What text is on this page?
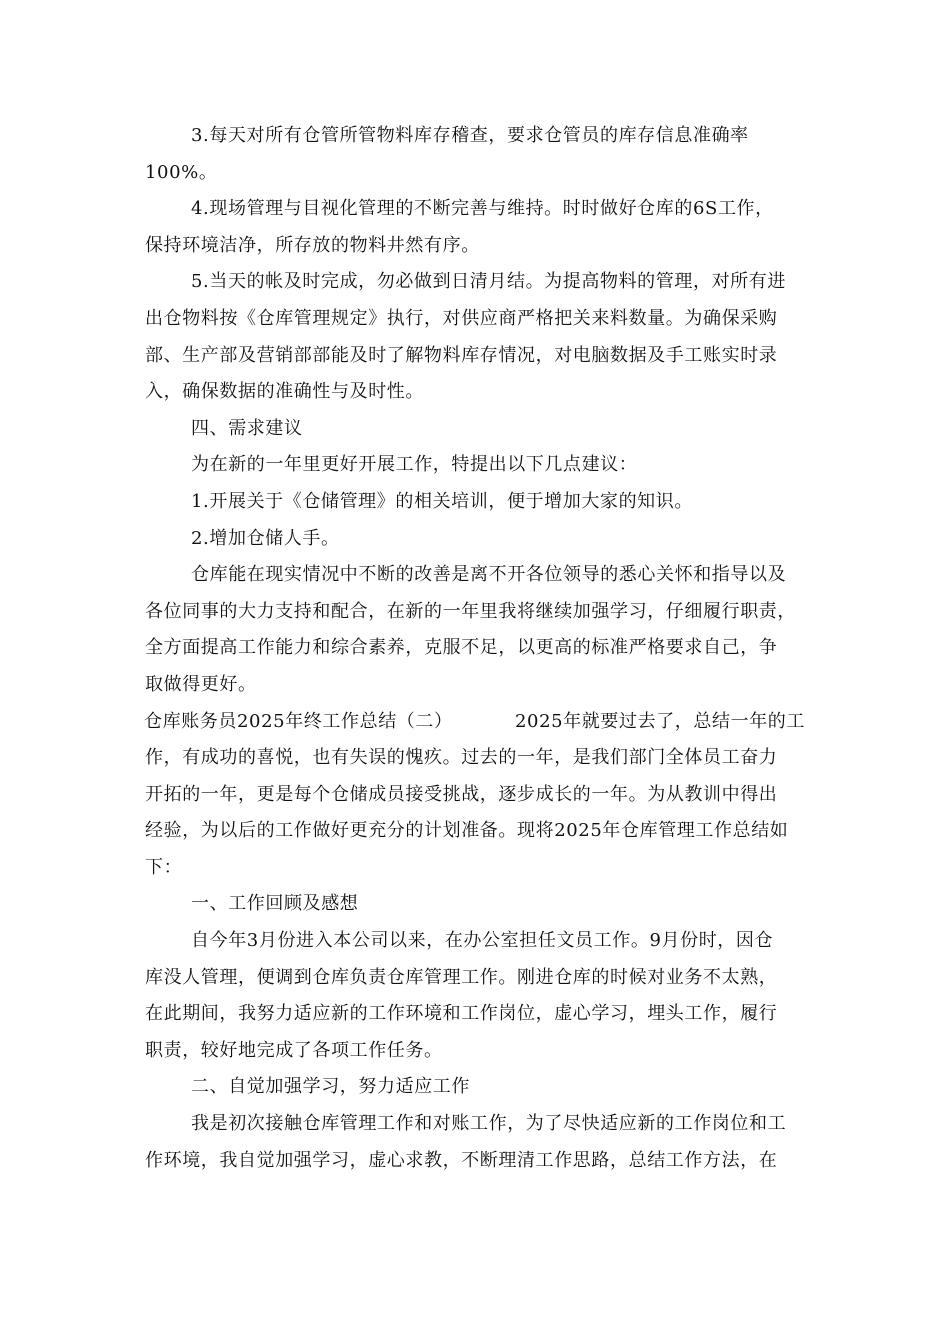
3.每天对所有仓管所管物料库存稽查，要求仓管员的库存信息准确率
100%。
4.现场管理与目视化管理的不断完善与维持。时时做好仓库的6S工作，
保持环境洁净，所存放的物料井然有序。
5.当天的帐及时完成，勿必做到日清月结。为提高物料的管理，对所有进
出仓物料按《仓库管理规定》执行，对供应商严格把关来料数量。为确保采购
部、生产部及营销部部能及时了解物料库存情况，对电脑数据及手工账实时录
入，确保数据的准确性与及时性。
四、需求建议
为在新的一年里更好开展工作，特提出以下几点建议：
1.开展关于《仓储管理》的相关培训，便于增加大家的知识。
2.增加仓储人手。
仓库能在现实情况中不断的改善是离不开各位领导的悉心关怀和指导以及
各位同事的大力支持和配合，在新的一年里我将继续加强学习，仔细履行职责，
全方面提高工作能力和综合素养，克服不足，以更高的标准严格要求自己，争
取做得更好。
仓库账务员2025年终工作总结（二）	2025年就要过去了，总结一年的工
作，有成功的喜悦，也有失误的愧疚。过去的一年，是我们部门全体员工奋力
开拓的一年，更是每个仓储成员接受挑战，逐步成长的一年。为从教训中得出
经验，为以后的工作做好更充分的计划准备。现将2025年仓库管理工作总结如
下：
一、工作回顾及感想
自今年3月份进入本公司以来，在办公室担任文员工作。9月份时，因仓
库没人管理，便调到仓库负责仓库管理工作。刚进仓库的时候对业务不太熟，
在此期间，我努力适应新的工作环境和工作岗位，虚心学习，埋头工作，履行
职责，较好地完成了各项工作任务。
二、自觉加强学习，努力适应工作
我是初次接触仓库管理工作和对账工作，为了尽快适应新的工作岗位和工
作环境，我自觉加强学习，虚心求教，不断理清工作思路，总结工作方法，在
